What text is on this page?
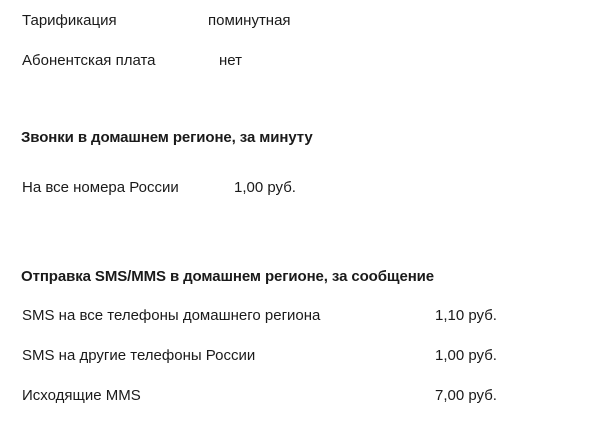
Тарификация	поминутная
Абонентская плата	нет
Звонки в домашнем регионе, за минуту
На все номера России	1,00 руб.
Отправка SMS/MMS в домашнем регионе, за сообщение
SMS на все телефоны домашнего региона	1,10 руб.
SMS на другие телефоны России	1,00 руб.
Исходящие MMS	7,00 руб.
